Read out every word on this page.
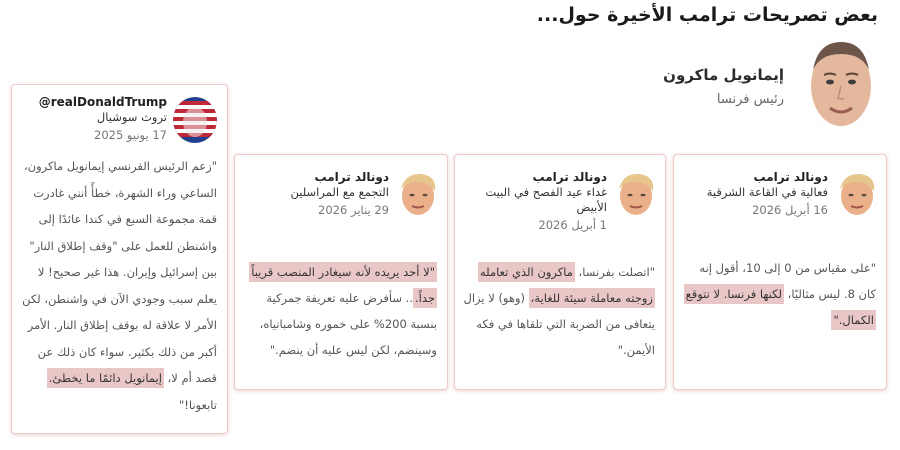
بعض تصريحات ترامب الأخيرة حول...
إيمانويل ماكرون
رئيس فرنسا
دونالد ترامب
فعالية في القاعة الشرقية
16 أبريل 2026
"على مقياس من 0 إلى 10، أقول إنه كان 8. ليس مثاليًا، لكنها فرنسا. لا نتوقع الكمال."
دونالد ترامب
غداء عيد الفصح في البيت الأبيض
1 أبريل 2026
"اتصلت بفرنسا، ماكرون الذي تعامله زوجته معاملة سيئة للغاية، (وهو) لا يزال يتعافى من الضربة التي تلقاها في فكه الأيمن."
دونالد ترامب
التجمع مع المراسلين
29 يناير 2026
"لا أحد يريده لأنه سيغادر المنصب قريباً جداً... سأفرض عليه تعريفة جمركية بنسبة 200% على خموره وشامبانياه، وسينضم، لكن ليس عليه أن ينضم."
@realDonaldTrump
تروث سوشيال
17 يونيو 2025
"زعم الرئيس الفرنسي إيمانويل ماكرون، الساعي وراء الشهرة، خطأً أنني غادرت قمة مجموعة السبع في كندا عائدًا إلى واشنطن للعمل على "وقف إطلاق النار" بين إسرائيل وإيران. هذا غير صحيح! لا يعلم سبب وجودي الآن في واشنطن، لكن الأمر لا علاقة له بوقف إطلاق النار. الأمر أكبر من ذلك بكثير. سواء كان ذلك عن قصد أم لا، إيمانويل دائمًا ما يخطئ. تابعونا!"
